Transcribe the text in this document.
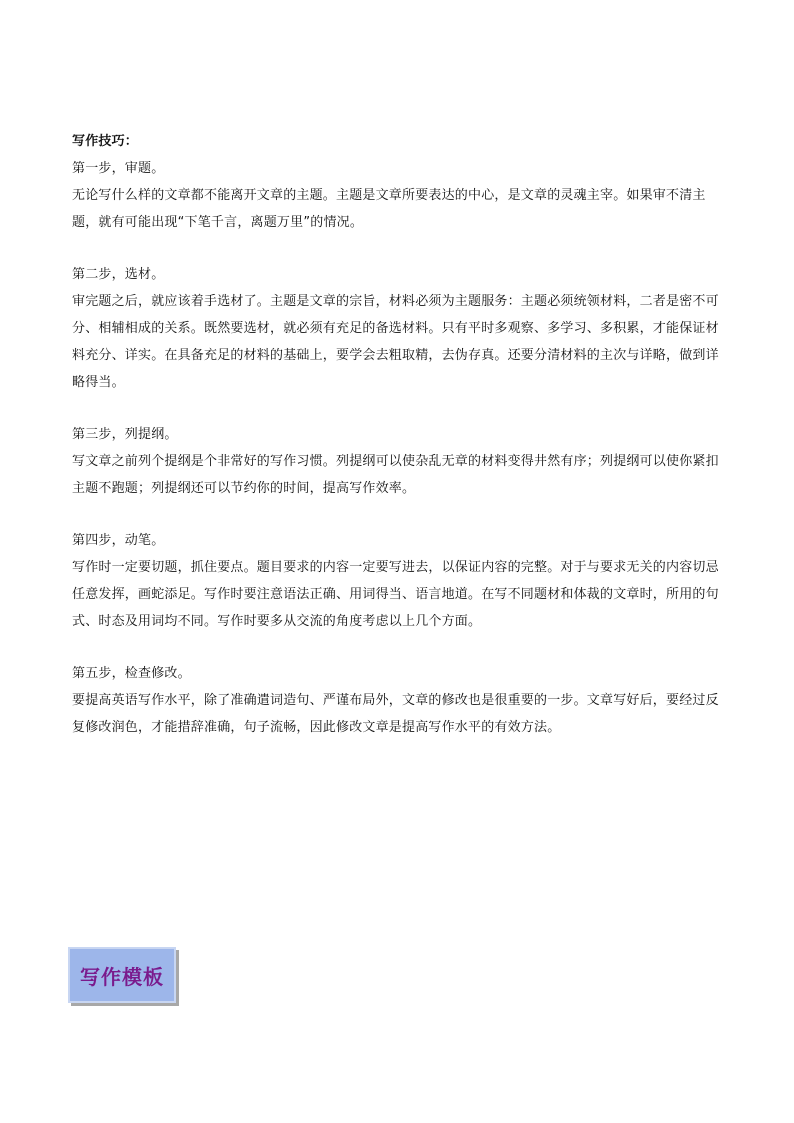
写作技巧：

第一步，审题。

无论写什么样的文章都不能离开文章的主题。主题是文章所要表达的中心，是文章的灵魂主宰。如果审不清主题，就有可能出现“下笔千言，离题万里”的情况。

第二步，选材。

审完题之后，就应该着手选材了。主题是文章的宗旨，材料必须为主题服务：主题必须统领材料，二者是密不可分、相辅相成的关系。既然要选材，就必须有充足的备选材料。只有平时多观察、多学习、多积累，才能保证材料充分、详实。在具备充足的材料的基础上，要学会去粗取精，去伪存真。还要分清材料的主次与详略，做到详略得当。

第三步，列提纲。

写文章之前列个提纲是个非常好的写作习惯。列提纲可以使杂乱无章的材料变得井然有序；列提纲可以使你紧扣主题不跑题；列提纲还可以节约你的时间，提高写作效率。

第四步，动笔。

写作时一定要切题，抓住要点。题目要求的内容一定要写进去，以保证内容的完整。对于与要求无关的内容切忌任意发挥，画蛇添足。写作时要注意语法正确、用词得当、语言地道。在写不同题材和体裁的文章时，所用的句式、时态及用词均不同。写作时要多从交流的角度考虑以上几个方面。

第五步，检查修改。

要提高英语写作水平，除了准确遣词造句、严谨布局外，文章的修改也是很重要的一步。文章写好后，要经过反复修改润色，才能措辞准确，句子流畅，因此修改文章是提高写作水平的有效方法。

写作模板
